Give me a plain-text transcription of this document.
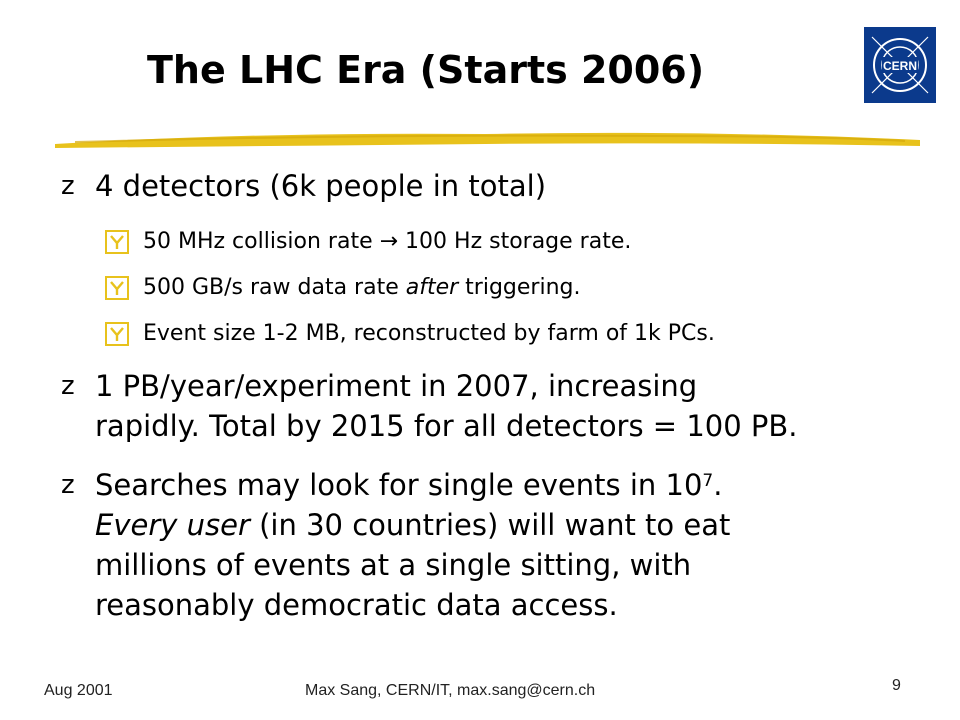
The LHC Era (Starts 2006)	CERN
z 4 detectors (6k people in total)
50 MHz collision rate → 100 Hz storage rate.
500 GB/s raw data rate after triggering.
Event size 1-2 MB, reconstructed by farm of 1k PCs.
z 1 PB/year/experiment in 2007, increasing
rapidly. Total by 2015 for all detectors = 100 PB.
z Searches may look for single events in $10^7$.
Every user (in 30 countries) will want to eat
millions of events at a single sitting, with
reasonably democratic data access.
Aug 2001	Max Sang, CERN/IT, max.sang@cern.ch	9
